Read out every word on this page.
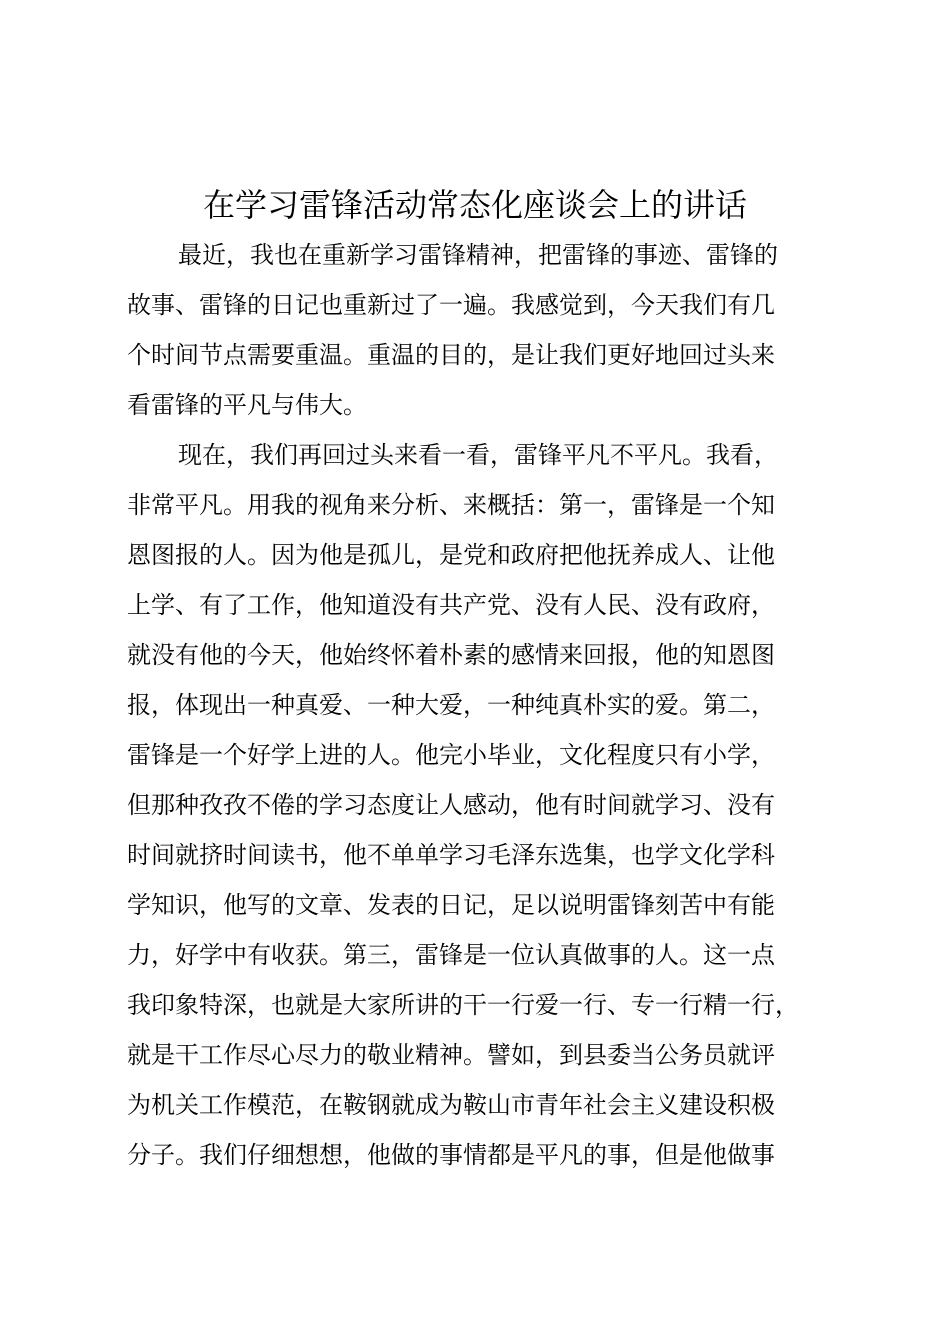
在学习雷锋活动常态化座谈会上的讲话
最近，我也在重新学习雷锋精神，把雷锋的事迹、雷锋的
故事、雷锋的日记也重新过了一遍。我感觉到，今天我们有几
个时间节点需要重温。重温的目的，是让我们更好地回过头来
看雷锋的平凡与伟大。
现在，我们再回过头来看一看，雷锋平凡不平凡。我看，
非常平凡。用我的视角来分析、来概括：第一，雷锋是一个知
恩图报的人。因为他是孤儿，是党和政府把他抚养成人、让他
上学、有了工作，他知道没有共产党、没有人民、没有政府，
就没有他的今天，他始终怀着朴素的感情来回报，他的知恩图
报，体现出一种真爱、一种大爱，一种纯真朴实的爱。第二，
雷锋是一个好学上进的人。他完小毕业，文化程度只有小学，
但那种孜孜不倦的学习态度让人感动，他有时间就学习、没有
时间就挤时间读书，他不单单学习毛泽东选集，也学文化学科
学知识，他写的文章、发表的日记，足以说明雷锋刻苦中有能
力，好学中有收获。第三，雷锋是一位认真做事的人。这一点
我印象特深，也就是大家所讲的干一行爱一行、专一行精一行，
就是干工作尽心尽力的敬业精神。譬如，到县委当公务员就评
为机关工作模范，在鞍钢就成为鞍山市青年社会主义建设积极
分子。我们仔细想想，他做的事情都是平凡的事，但是他做事
